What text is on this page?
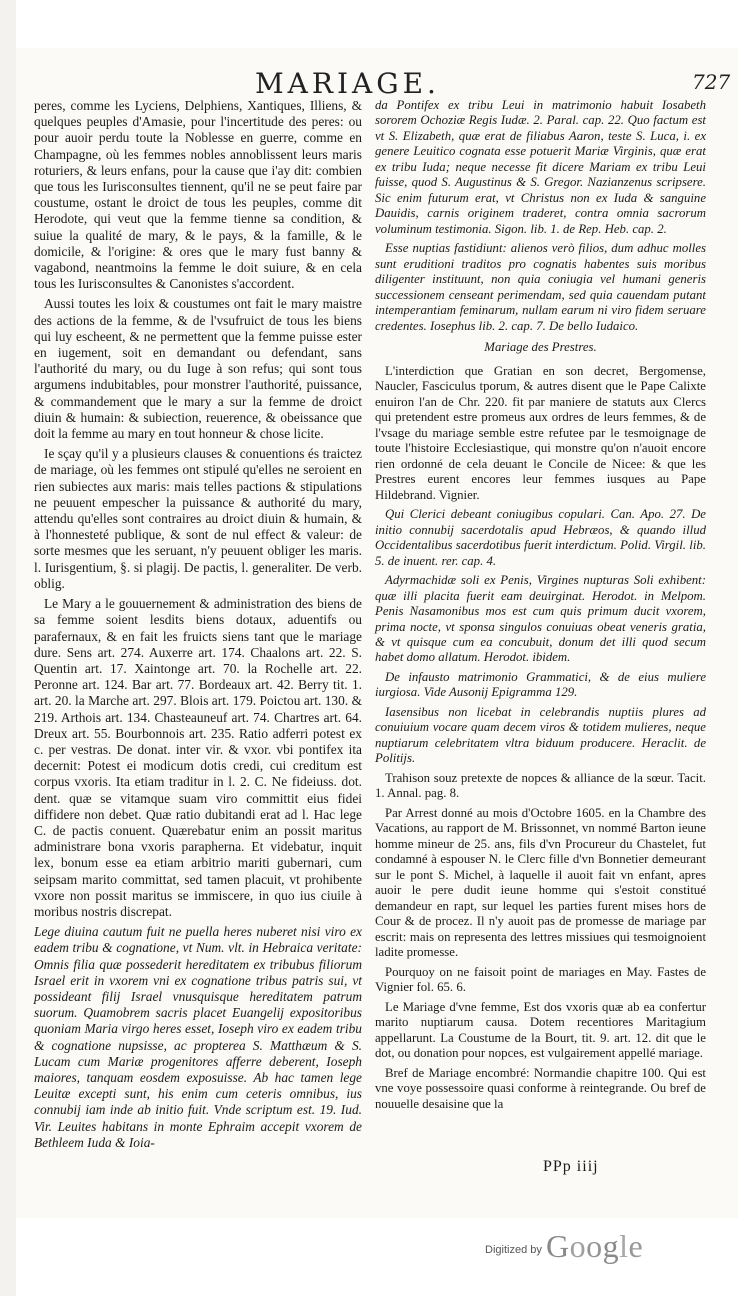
MARIAGE.	727

peres, comme les Lyciens, Delphiens, Xantiques, Illiens, & quelques peuples d'Amasie, pour l'incertitude des peres: ou pour auoir perdu toute la Noblesse en guerre, comme en Champagne, où les femmes nobles annoblissent leurs maris roturiers, & leurs enfans, pour la cause que i'ay dit: combien que tous les Iurisconsultes tiennent, qu'il ne se peut faire par coustume, ostant le droict de tous les peuples, comme dit Herodote, qui veut que la femme tienne sa condition, & suiue la qualité de mary, & le pays, & la famille, & le domicile, & l'origine: & ores que le mary fust banny & vagabond, neantmoins la femme le doit suiure, & en cela tous les Iurisconsultes & Canonistes s'accordent.

Aussi toutes les loix & coustumes ont fait le mary maistre des actions de la femme, & de l'vsufruict de tous les biens qui luy escheent, & ne permettent que la femme puisse ester en iugement, soit en demandant ou defendant, sans l'authorité du mary, ou du Iuge à son refus; qui sont tous argumens indubitables, pour monstrer l'authorité, puissance, & commandement que le mary a sur la femme de droict diuin & humain: & subiection, reuerence, & obeissance que doit la femme au mary en tout honneur & chose licite.

Ie sçay qu'il y a plusieurs clauses & conuentions és traictez de mariage, où les femmes ont stipulé qu'elles ne seroient en rien subiectes aux maris: mais telles pactions & stipulations ne peuuent empescher la puissance & authorité du mary, attendu qu'elles sont contraires au droict diuin & humain, & à l'honnesteté publique, & sont de nul effect & valeur: de sorte mesmes que les seruant, n'y peuuent obliger les maris. l. Iurisgentium, §. si plagij. De pactis, l. generaliter. De verb. oblig.

Le Mary a le gouuernement & administration des biens de sa femme soient lesdits biens dotaux, aduentifs ou parafernaux, & en fait les fruicts siens tant que le mariage dure. Sens art. 274. Auxerre art. 174. Chaalons art. 22. S. Quentin art. 17. Xaintonge art. 70. la Rochelle art. 22. Peronne art. 124. Bar art. 77. Bordeaux art. 42. Berry tit. 1. art. 20. la Marche art. 297. Blois art. 179. Poictou art. 130. & 219. Arthois art. 134. Chasteauneuf art. 74. Chartres art. 64. Dreux art. 55. Bourbonnois art. 235. Ratio adferri potest ex c. per vestras. De donat. inter vir. & vxor. vbi pontifex ita decernit: Potest ei modicum dotis credi, cui creditum est corpus vxoris. Ita etiam traditur in l. 2. C. Ne fideiuss. dot. dent. quæ se vitamque suam viro committit eius fidei diffidere non debet. Quæ ratio dubitandi erat ad l. Hac lege C. de pactis conuent. Quærebatur enim an possit maritus administrare bona vxoris parapherna. Et videbatur, inquit lex, bonum esse ea etiam arbitrio mariti gubernari, cum seipsam marito committat, sed tamen placuit, vt prohibente vxore non possit maritus se immiscere, in quo ius ciuile à moribus nostris discrepat.

Lege diuina cautum fuit ne puella heres nuberet nisi viro ex eadem tribu & cognatione, vt Num. vlt. in Hebraica veritate: Omnis filia quæ possederit hereditatem ex tribubus filiorum Israel erit in vxorem vni ex cognatione tribus patris sui, vt possideant filij Israel vnusquisque hereditatem patrum suorum. Quamobrem sacris placet Euangelij expositoribus quoniam Maria virgo heres esset, Ioseph viro ex eadem tribu & cognatione nupsisse, ac propterea S. Matthæum & S. Lucam cum Mariæ progenitores afferre deberent, Ioseph maiores, tanquam eosdem exposuisse. Ab hac tamen lege Leuitæ excepti sunt, his enim cum ceteris omnibus, ius connubij iam inde ab initio fuit. Vnde scriptum est. 19. Iud. Vir. Leuites habitans in monte Ephraim accepit vxorem de Bethleem Iuda & Ioia-

da Pontifex ex tribu Leui in matrimonio habuit Iosabeth sororem Ochoziæ Regis Iudæ. 2. Paral. cap. 22. Quo factum est vt S. Elizabeth, quæ erat de filiabus Aaron, teste S. Luca, i. ex genere Leuitico cognata esse potuerit Mariæ Virginis, quæ erat ex tribu Iuda; neque necesse fit dicere Mariam ex tribu Leui fuisse, quod S. Augustinus & S. Gregor. Nazianzenus scripsere. Sic enim futurum erat, vt Christus non ex Iuda & sanguine Dauidis, carnis originem traderet, contra omnia sacrorum voluminum testimonia. Sigon. lib. 1. de Rep. Heb. cap. 2.

Esse nuptias fastidiunt: alienos verò filios, dum adhuc molles sunt eruditioni traditos pro cognatis habentes suis moribus diligenter instituunt, non quia coniugia vel humani generis successionem censeant perimendam, sed quia cauendam putant intemperantiam feminarum, nullam earum ni viro fidem seruare credentes. Iosephus lib. 2. cap. 7. De bello Iudaico.

Mariage des Prestres.

L'interdiction que Gratian en son decret, Bergomense, Naucler, Fasciculus tporum, & autres disent que le Pape Calixte enuiron l'an de Chr. 220. fit par maniere de statuts aux Clercs qui pretendent estre promeus aux ordres de leurs femmes, & de l'vsage du mariage semble estre refutee par le tesmoignage de toute l'histoire Ecclesiastique, qui monstre qu'on n'auoit encore rien ordonné de cela deuant le Concile de Nicee: & que les Prestres eurent encores leur femmes iusques au Pape Hildebrand. Vignier.

Qui Clerici debeant coniugibus copulari. Can. Apo. 27. De initio connubij sacerdotalis apud Hebræos, & quando illud Occidentalibus sacerdotibus fuerit interdictum. Polid. Virgil. lib. 5. de inuent. rer. cap. 4.

Adyrmachidæ soli ex Penis, Virgines nupturas Soli exhibent: quæ illi placita fuerit eam deuirginat. Herodot. in Melpom. Penis Nasamonibus mos est cum quis primum ducit vxorem, prima nocte, vt sponsa singulos conuiuas obeat veneris gratia, & vt quisque cum ea concubuit, donum det illi quod secum habet domo allatum. Herodot. ibidem.

De infausto matrimonio Grammatici, & de eius muliere iurgiosa. Vide Ausonij Epigramma 129.

Iasensibus non licebat in celebrandis nuptiis plures ad conuiuium vocare quam decem viros & totidem mulieres, neque nuptiarum celebritatem vltra biduum producere. Heraclit. de Politijs.

Trahison souz pretexte de nopces & alliance de la sœur. Tacit. 1. Annal. pag. 8.

Par Arrest donné au mois d'Octobre 1605. en la Chambre des Vacations, au rapport de M. Brissonnet, vn nommé Barton ieune homme mineur de 25. ans, fils d'vn Procureur du Chastelet, fut condamné à espouser N. le Clerc fille d'vn Bonnetier demeurant sur le pont S. Michel, à laquelle il auoit fait vn enfant, apres auoir le pere dudit ieune homme qui s'estoit constitué demandeur en rapt, sur lequel les parties furent mises hors de Cour & de procez. Il n'y auoit pas de promesse de mariage par escrit: mais on representa des lettres missiues qui tesmoignoient ladite promesse.

Pourquoy on ne faisoit point de mariages en May. Fastes de Vignier fol. 65. 6.

Le Mariage d'vne femme, Est dos vxoris quæ ab ea confertur marito nuptiarum causa. Dotem recentiores Maritagium appellarunt. La Coustume de la Bourt, tit. 9. art. 12. dit que le dot, ou donation pour nopces, est vulgairement appellé mariage.

Bref de Mariage encombré: Normandie chapitre 100. Qui est vne voye possessoire quasi conforme à reintegrande. Ou bref de nouuelle desaisine que la

PPp iiij
Digitized by Google
